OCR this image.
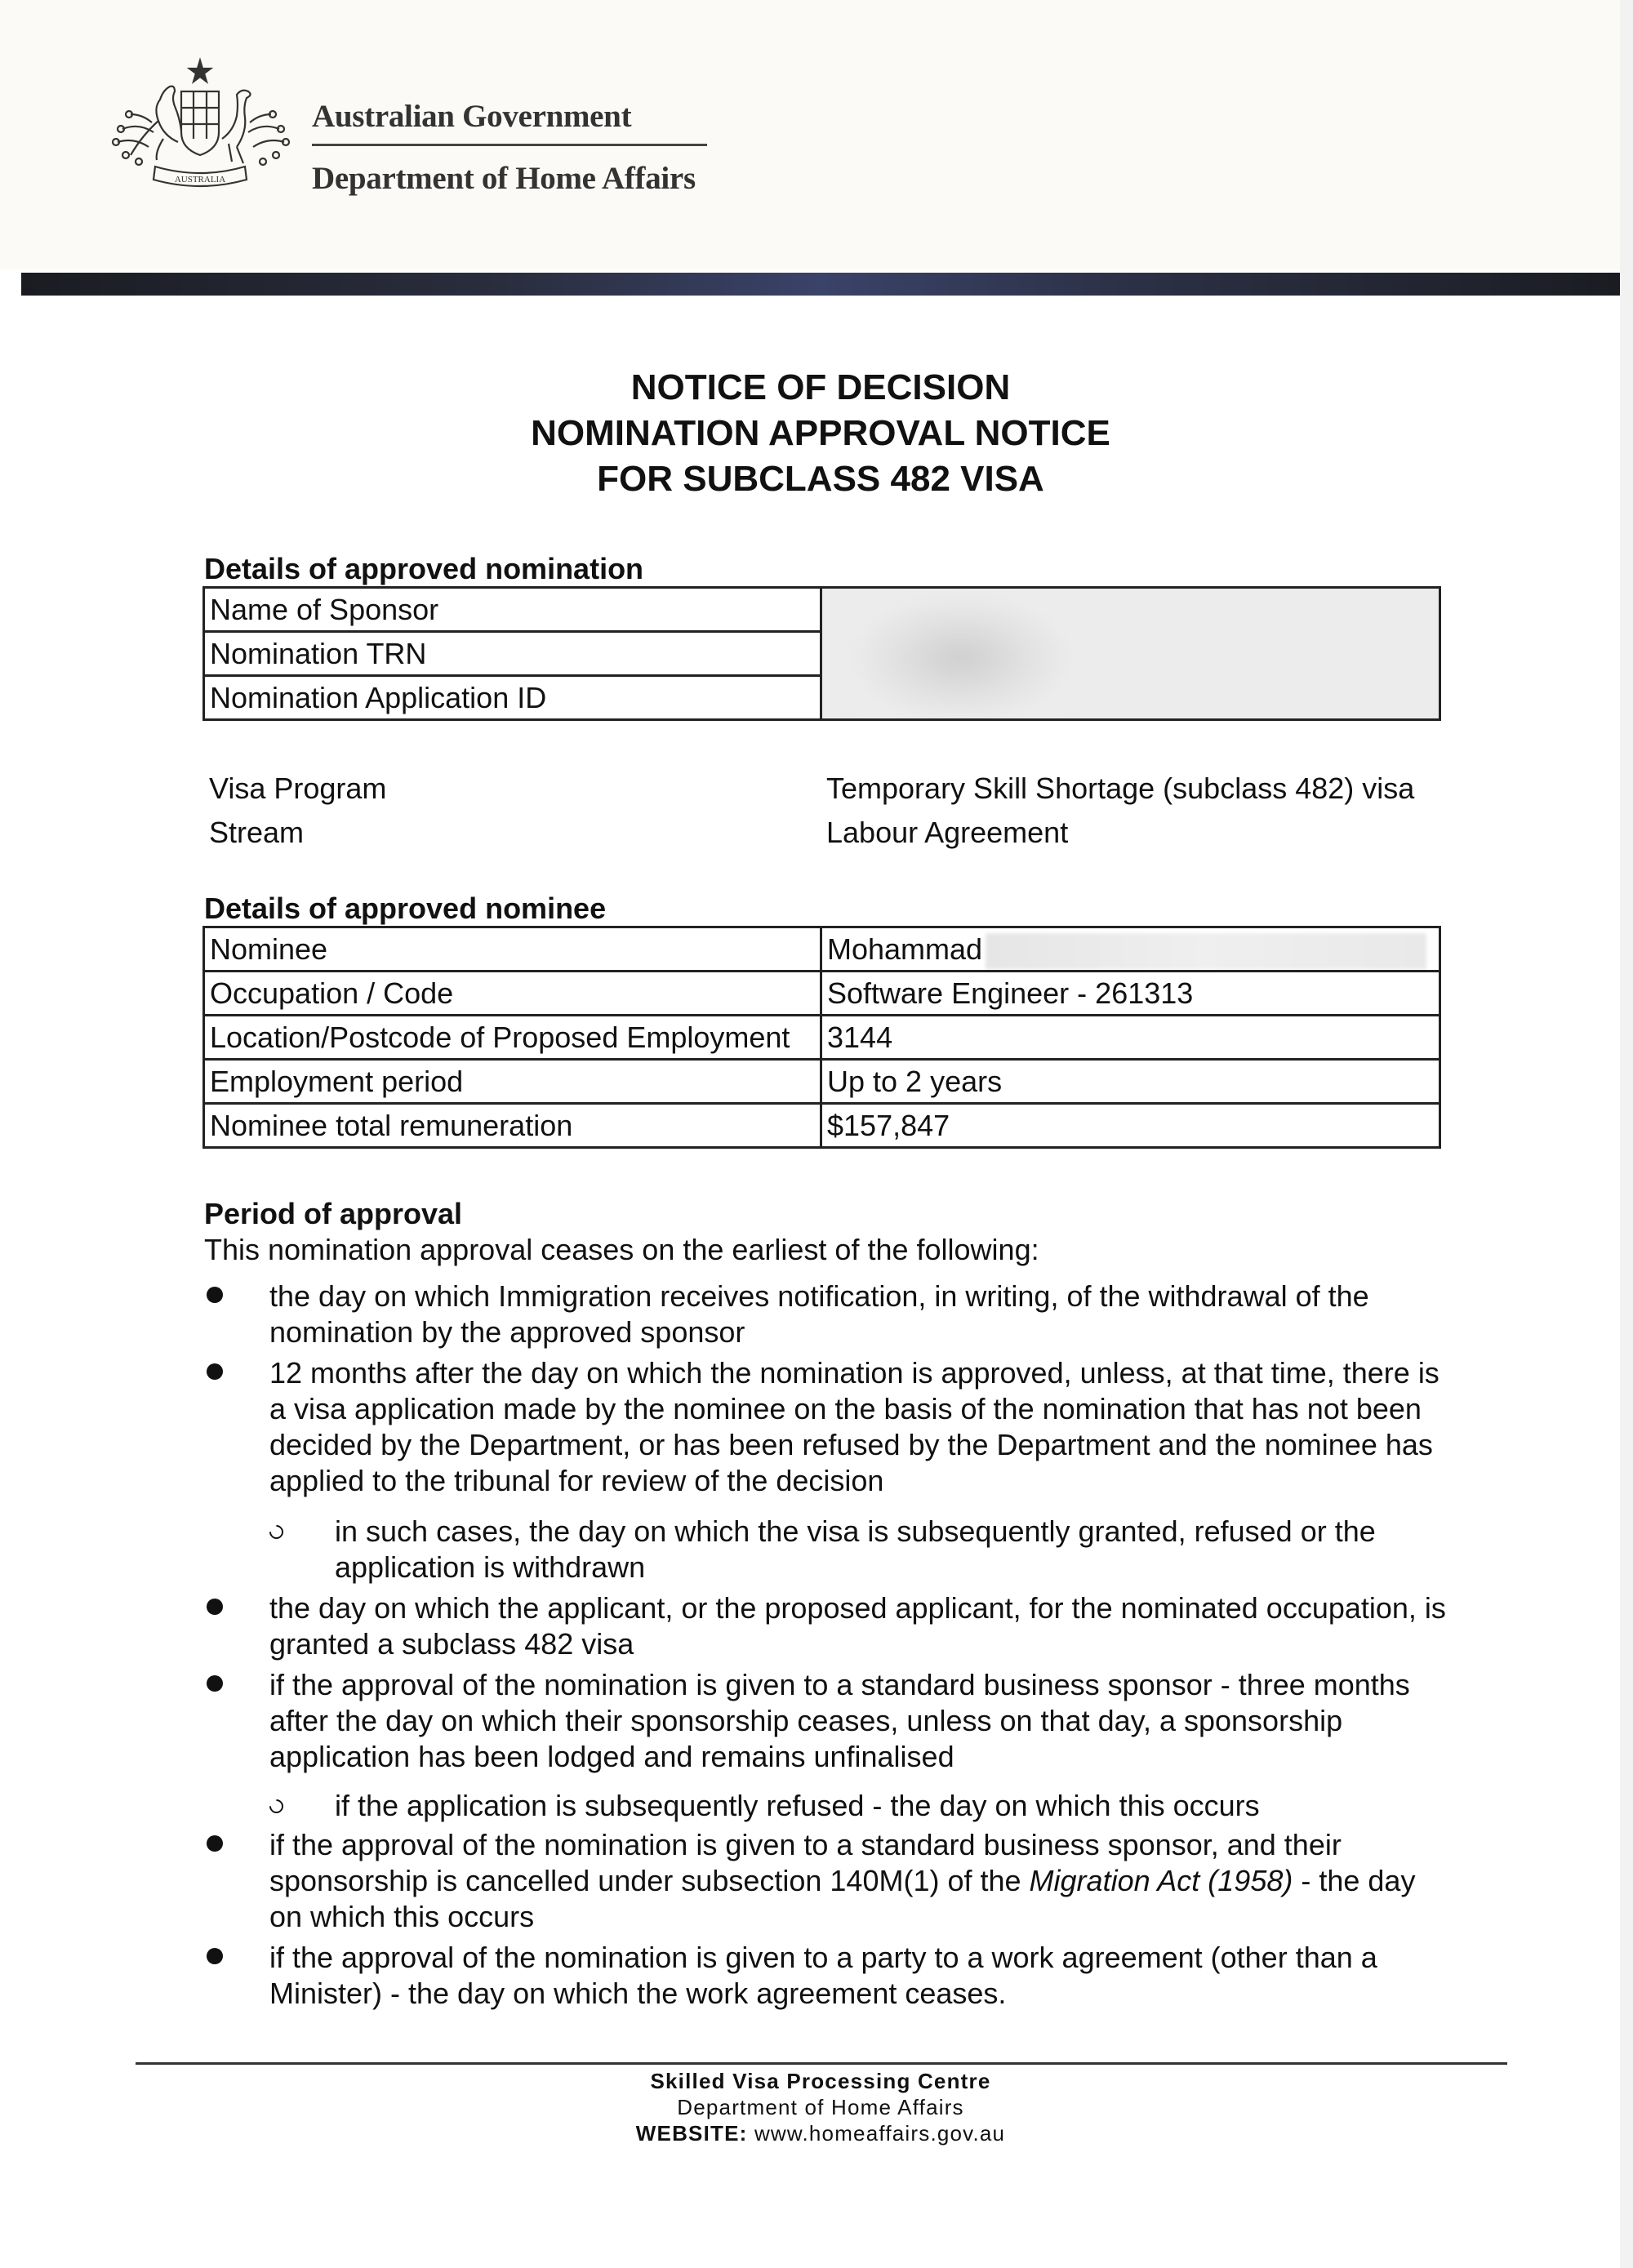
AUSTRALIA
Australian Government
Department of Home Affairs
NOTICE OF DECISION
NOMINATION APPROVAL NOTICE
FOR SUBCLASS 482 VISA
Details of approved nomination
Name of Sponsor	

Nomination TRN
Nomination Application ID
Visa Program	Temporary Skill Shortage (subclass 482) visa
Stream	Labour Agreement
Details of approved nominee
Nominee	Mohammad
Occupation / Code	Software Engineer - 261313
Location/Postcode of Proposed Employment	3144
Employment period	Up to 2 years
Nominee total remuneration	$157,847
Period of approval
This nomination approval ceases on the earliest of the following:
the day on which Immigration receives notification, in writing, of the withdrawal of the nomination by the approved sponsor
12 months after the day on which the nomination is approved, unless, at that time, there is a visa application made by the nominee on the basis of the nomination that has not been decided by the Department, or has been refused by the Department and the nominee has applied to the tribunal for review of the decision
in such cases, the day on which the visa is subsequently granted, refused or the application is withdrawn
the day on which the applicant, or the proposed applicant, for the nominated occupation, is granted a subclass 482 visa
if the approval of the nomination is given to a standard business sponsor - three months after the day on which their sponsorship ceases, unless on that day, a sponsorship application has been lodged and remains unfinalised
if the application is subsequently refused - the day on which this occurs
if the approval of the nomination is given to a standard business sponsor, and their sponsorship is cancelled under subsection 140M(1) of the Migration Act (1958) - the day on which this occurs
if the approval of the nomination is given to a party to a work agreement (other than a Minister) - the day on which the work agreement ceases.
Skilled Visa Processing Centre
Department of Home Affairs
WEBSITE: www.homeaffairs.gov.au
